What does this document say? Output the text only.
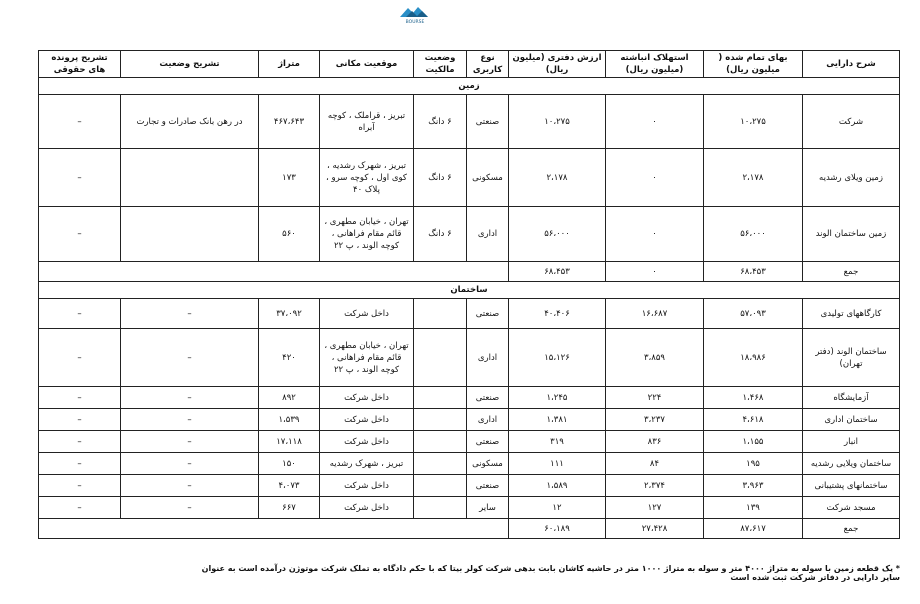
BOURSE
شرح دارایی	بهای تمام شده ( میلیون ریال)	استهلاک انباشته (میلیون ریال)	ارزش دفتری (میلیون ریال)	نوع کاربری	وضعیت مالکیت	موقعیت مکانی	متراژ	تشریح وضعیت	تشریح پرونده های حقوقی
زمین									
شرکت	۱۰،۲۷۵	۰	۱۰،۲۷۵	صنعتی	۶ دانگ	تبریز ، قراملک ، کوچه آبراه	۴۶۷،۶۴۳	در رهن بانک صادرات و تجارت	–
زمین ویلای رشدیه	۲،۱۷۸	۰	۲،۱۷۸	مسکونی	۶ دانگ	تبریز ، شهرک رشدیه ، کوی اول ، کوچه سرو ، پلاک ۴۰	۱۷۳		–
زمین ساختمان الوند	۵۶،۰۰۰	۰	۵۶،۰۰۰	اداری	۶ دانگ	تهران ، خیابان مطهری ، قائم مقام فراهانی ، کوچه الوند ، پ ۲۲	۵۶۰		–
جمع	۶۸،۴۵۳	۰	۶۸،۴۵۳						
ساختمان									
کارگاههای تولیدی	۵۷،۰۹۳	۱۶،۶۸۷	۴۰،۴۰۶	صنعتی		داخل شرکت	۳۷،۰۹۲	–	–
ساختمان الوند (دفتر تهران)	۱۸،۹۸۶	۳،۸۵۹	۱۵،۱۲۶	اداری		تهران ، خیابان مطهری ، قائم مقام فراهانی ، کوچه الوند ، پ ۲۲	۴۲۰	–	–
آزمایشگاه	۱،۴۶۸	۲۲۴	۱،۲۴۵	صنعتی		داخل شرکت	۸۹۲	–	–
ساختمان اداری	۴،۶۱۸	۳،۲۳۷	۱،۳۸۱	اداری		داخل شرکت	۱،۵۳۹	–	–
انبار	۱،۱۵۵	۸۳۶	۳۱۹	صنعتی		داخل شرکت	۱۷،۱۱۸	–	–
ساختمان ویلایی رشدیه	۱۹۵	۸۴	۱۱۱	مسکونی		تبریز ، شهرک رشدیه	۱۵۰	–	–
ساختمانهای پشتیبانی	۳،۹۶۳	۲،۳۷۴	۱،۵۸۹	صنعتی		داخل شرکت	۴،۰۷۳	–	–
مسجد شرکت	۱۳۹	۱۲۷	۱۲	سایر		داخل شرکت	۶۶۷	–	–
جمع	۸۷،۶۱۷	۲۷،۴۲۸	۶۰،۱۸۹						
* یک قطعه زمین با سوله به متراژ ۴۰۰۰ متر و سوله به متراژ ۱۰۰۰ متر در حاشیه کاشان بابت بدهی شرکت کولر بیتا که با حکم دادگاه به تملک شرکت موتوژن درآمده است به عنوان سایر دارایی در دفاتر شرکت ثبت شده است
